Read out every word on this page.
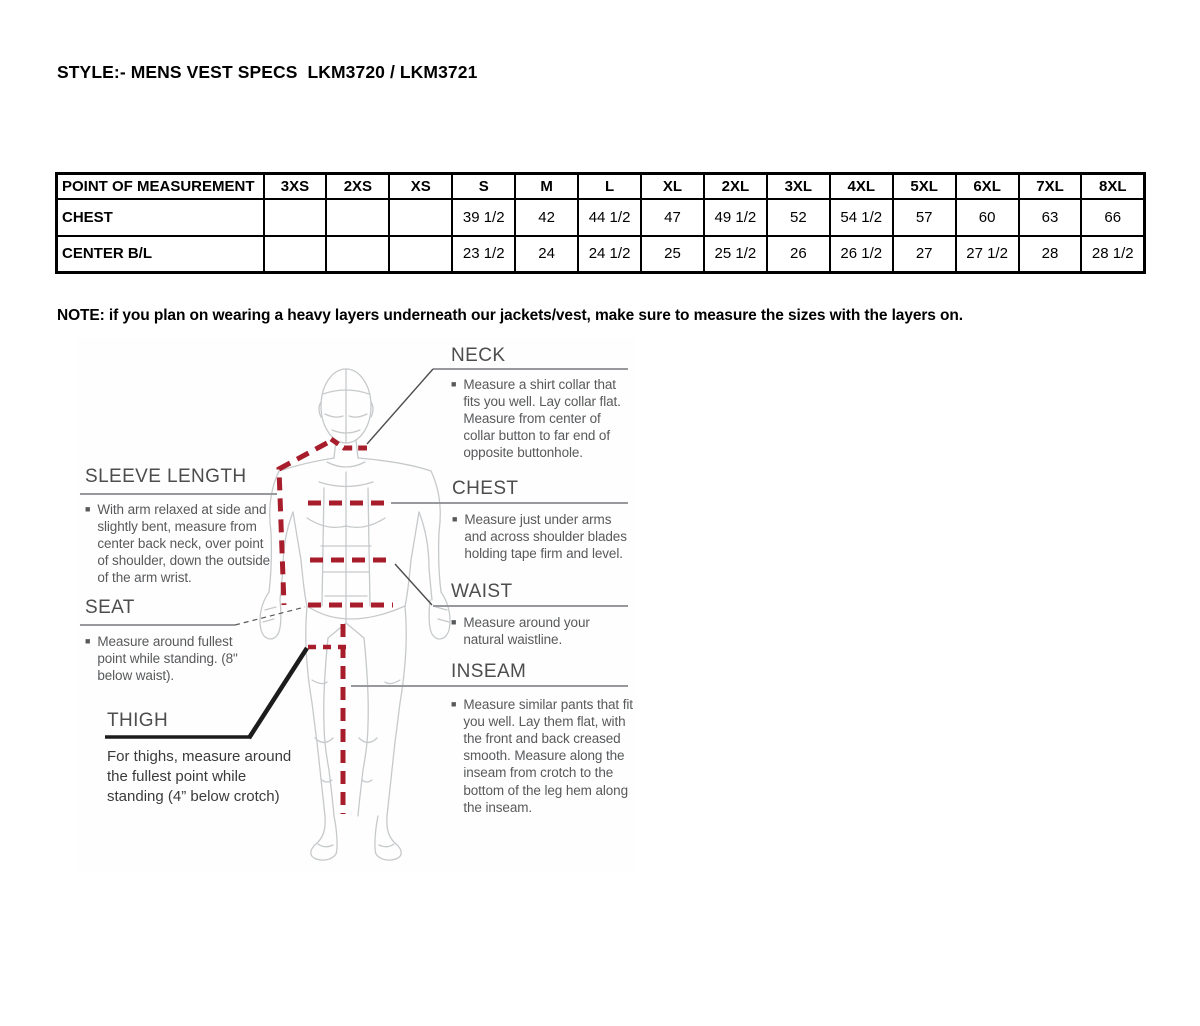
STYLE:- MENS VEST SPECS  LKM3720 / LKM3721
POINT OF MEASUREMENT	3XS	2XS	XS	S	M	L	XL	2XL	3XL	4XL	5XL	6XL	7XL	8XL
CHEST				39 1/2	42	44 1/2	47	49 1/2	52	54 1/2	57	60	63	66
CENTER B/L				23 1/2	24	24 1/2	25	25 1/2	26	26 1/2	27	27 1/2	28	28 1/2

NOTE: if you plan on wearing a heavy layers underneath our jackets/vest, make sure to measure the sizes with the layers on.

NECK
■ Measure a shirt collar that fits you well. Lay collar flat. Measure from center of collar button to far end of opposite buttonhole.
CHEST
■ Measure just under arms and across shoulder blades holding tape firm and level.
WAIST
■ Measure around your natural waistline.
INSEAM
■ Measure similar pants that fit you well. Lay them flat, with the front and back creased smooth. Measure along the inseam from crotch to the bottom of the leg hem along the inseam.
SLEEVE LENGTH
■ With arm relaxed at side and slightly bent, measure from center back neck, over point of shoulder, down the outside of the arm wrist.
SEAT
■ Measure around fullest point while standing. (8" below waist).
THIGH
For thighs, measure around the fullest point while standing (4” below crotch)
